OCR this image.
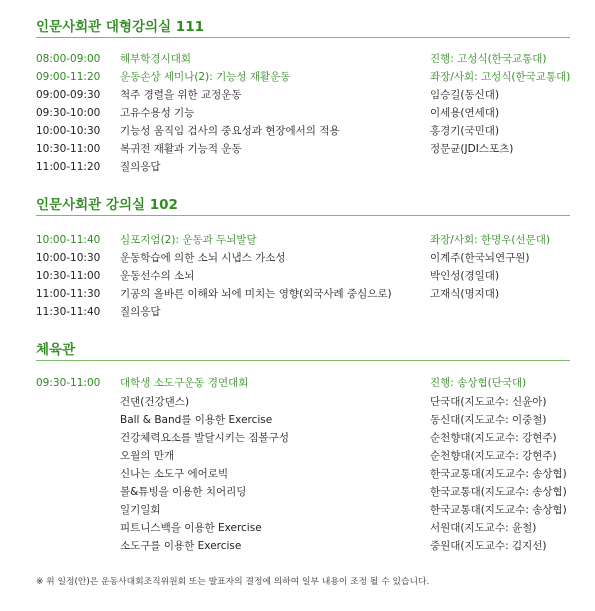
인문사회관 대형강의실 111
08:00-09:00 해부학경시대회	진행: 고성식(한국교통대)
09:00-11:20 운동손상 세미나(2): 기능성 재활운동	좌장/사회: 고성식(한국교통대)
09:00-09:30 척주 경렬을 위한 교정운동	임승길(동신대)
09:30-10:00 고유수용성 기능	이세용(연세대)
10:00-10:30 기능성 움직임 검사의 중요성과 현장에서의 적용	홍경기(국민대)
10:30-11:00 복귀전 재활과 기능적 운동	정문균(JDI스포츠)
11:00-11:20 질의응답
인문사회관 강의실 102
10:00-11:40 심포지엄(2): 운동과 두뇌발달	좌장/사회: 한명우(선문대)
10:00-10:30 운동학습에 의한 소뇌 시냅스 가소성	이계주(한국뇌연구원)
10:30-11:00 운동선수의 소뇌	박인성(경일대)
11:00-11:30 기공의 올바른 이해와 뇌에 미치는 영향(외국사례 중심으로)	고재식(명지대)
11:30-11:40 질의응답
체육관
09:30-11:00 대학생 소도구운동 경연대회	진행: 송상협(단국대)
건댄(건강댄스)	단국대(지도교수: 신윤아)
Ball & Band를 이용한 Exercise	동신대(지도교수: 이중철)
건강체력요소를 발달시키는 짐볼구성	순천향대(지도교수: 강현주)
오월의 만개	순천향대(지도교수: 강현주)
신나는 소도구 에어로빅	한국교통대(지도교수: 송상협)
볼&튜빙을 이용한 치어리딩	한국교통대(지도교수: 송상협)
일기일회	한국교통대(지도교수: 송상협)
피트니스백을 이용한 Exercise	서원대(지도교수: 윤철)
소도구를 이용한 Exercise	중원대(지도교수: 김지선)
※ 위 일정(안)은 운동사대회조직위원회 또는 발표자의 결정에 의하여 일부 내용이 조정 될 수 있습니다.
